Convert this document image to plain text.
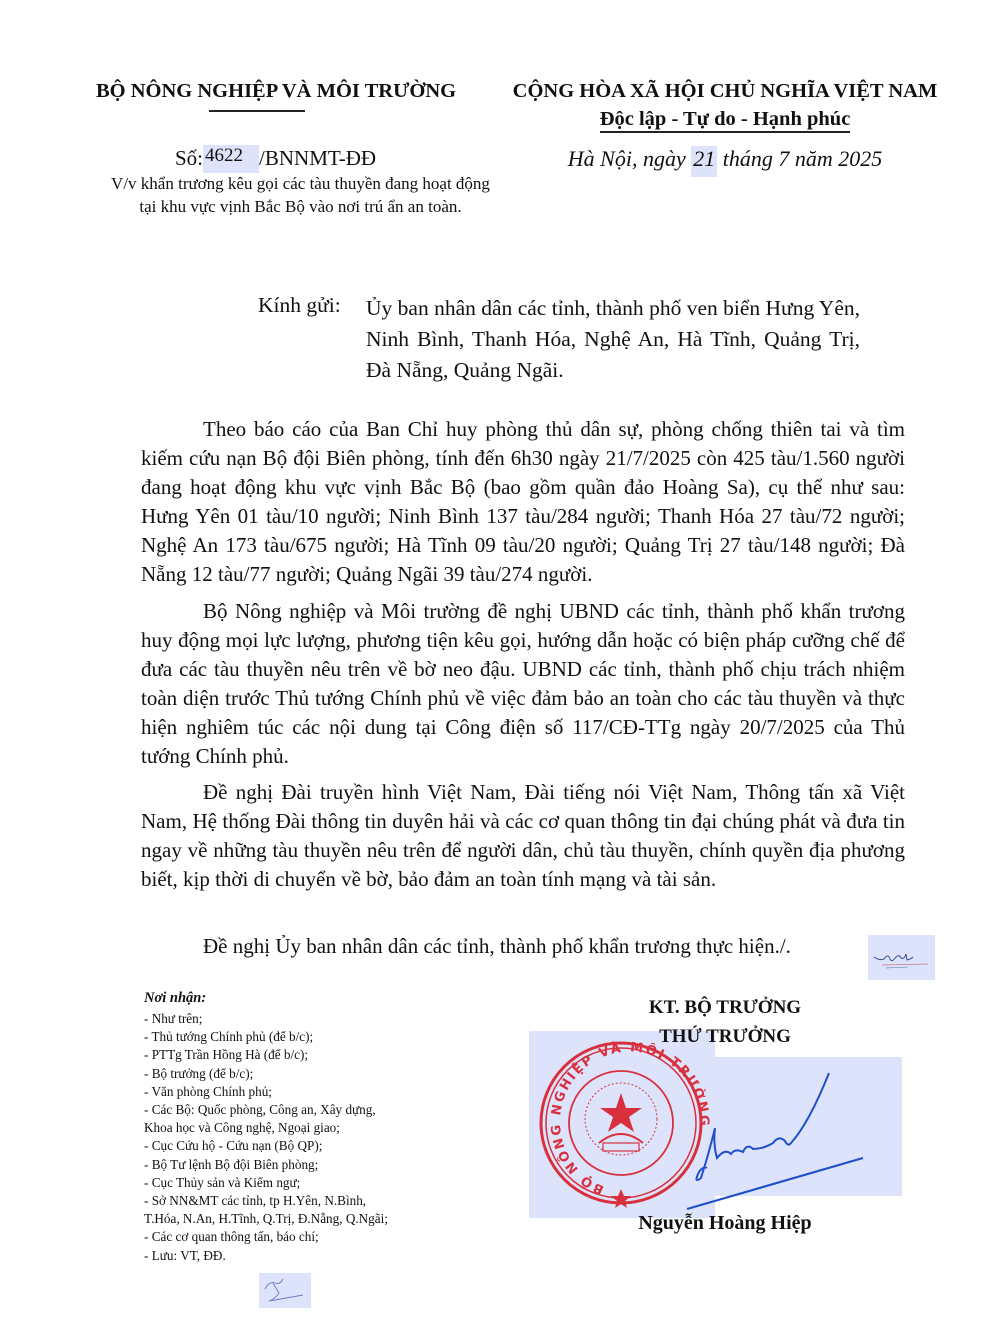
BỘ NÔNG NGHIỆP VÀ MÔI TRƯỜNG	CỘNG HÒA XÃ HỘI CHỦ NGHĨA VIỆT NAM
Độc lập - Tự do - Hạnh phúc
Số: 4622 /BNNMT-ĐĐ
V/v khẩn trương kêu gọi các tàu thuyền đang hoạt động tại khu vực vịnh Bắc Bộ vào nơi trú ẩn an toàn.
Hà Nội, ngày 21 tháng 7 năm 2025
Kính gửi: Ủy ban nhân dân các tỉnh, thành phố ven biển Hưng Yên, Ninh Bình, Thanh Hóa, Nghệ An, Hà Tĩnh, Quảng Trị, Đà Nẵng, Quảng Ngãi.
Theo báo cáo của Ban Chỉ huy phòng thủ dân sự, phòng chống thiên tai và tìm kiếm cứu nạn Bộ đội Biên phòng, tính đến 6h30 ngày 21/7/2025 còn 425 tàu/1.560 người đang hoạt động khu vực vịnh Bắc Bộ (bao gồm quần đảo Hoàng Sa), cụ thể như sau: Hưng Yên 01 tàu/10 người; Ninh Bình 137 tàu/284 người; Thanh Hóa 27 tàu/72 người; Nghệ An 173 tàu/675 người; Hà Tĩnh 09 tàu/20 người; Quảng Trị 27 tàu/148 người; Đà Nẵng 12 tàu/77 người; Quảng Ngãi 39 tàu/274 người.
Bộ Nông nghiệp và Môi trường đề nghị UBND các tỉnh, thành phố khẩn trương huy động mọi lực lượng, phương tiện kêu gọi, hướng dẫn hoặc có biện pháp cưỡng chế để đưa các tàu thuyền nêu trên về bờ neo đậu. UBND các tỉnh, thành phố chịu trách nhiệm toàn diện trước Thủ tướng Chính phủ về việc đảm bảo an toàn cho các tàu thuyền và thực hiện nghiêm túc các nội dung tại Công điện số 117/CĐ-TTg ngày 20/7/2025 của Thủ tướng Chính phủ.
Đề nghị Đài truyền hình Việt Nam, Đài tiếng nói Việt Nam, Thông tấn xã Việt Nam, Hệ thống Đài thông tin duyên hải và các cơ quan thông tin đại chúng phát và đưa tin ngay về những tàu thuyền nêu trên để người dân, chủ tàu thuyền, chính quyền địa phương biết, kịp thời di chuyển về bờ, bảo đảm an toàn tính mạng và tài sản.
Đề nghị Ủy ban nhân dân các tỉnh, thành phố khẩn trương thực hiện./.
Nơi nhận:
- Như trên;
- Thủ tướng Chính phủ (để b/c);
- PTTg Trần Hồng Hà (để b/c);
- Bộ trưởng (để b/c);
- Văn phòng Chính phủ;
- Các Bộ: Quốc phòng, Công an, Xây dựng,
Khoa học và Công nghệ, Ngoại giao;
- Cục Cứu hộ - Cứu nạn (Bộ QP);
- Bộ Tư lệnh Bộ đội Biên phòng;
- Cục Thủy sản và Kiểm ngư;
- Sở NN&MT các tỉnh, tp H.Yên, N.Bình,
T.Hóa, N.An, H.Tĩnh, Q.Trị, Đ.Nẵng, Q.Ngãi;
- Các cơ quan thông tấn, báo chí;
- Lưu: VT, ĐĐ.
KT. BỘ TRƯỞNG
THỨ TRƯỞNG
BỘ NÔNG NGHIỆP VÀ MÔI TRƯỜNG
Nguyễn Hoàng Hiệp
